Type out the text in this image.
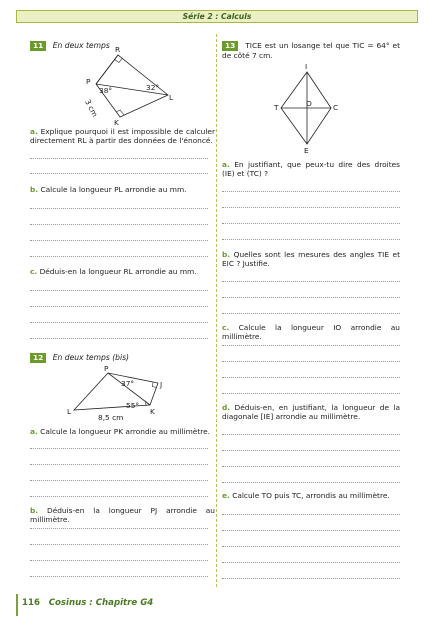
Série 2 : Calculs
11 En deux temps R
P
L
K
38°	32°
3 cm
a. Explique pourquoi il est impossible de calculer directement RL à partir des données de l'énoncé.
b. Calcule la longueur PL arrondie au mm.
c. Déduis-en la longueur RL arrondie au mm.
12 En deux temps (bis)
P
J
K
L
37°
55°
8,5 cm
a. Calcule la longueur PK arrondie au millimètre.
b. Déduis-en la longueur PJ arrondie au millimètre.
13 TICE est un losange tel que TIC = 64° et de côté 7 cm.
I
T	O	C
E
a. En justifiant, que peux-tu dire des droites (IE) et (TC) ?
b. Quelles sont les mesures des angles TIE et EIC ? Justifie.
c. Calcule la longueur IO arrondie au millimètre.
d. Déduis-en, en justifiant, la longueur de la diagonale [IE] arrondie au millimètre.
e. Calcule TO puis TC, arrondis au millimètre.
116 Cosinus : Chapitre G4
